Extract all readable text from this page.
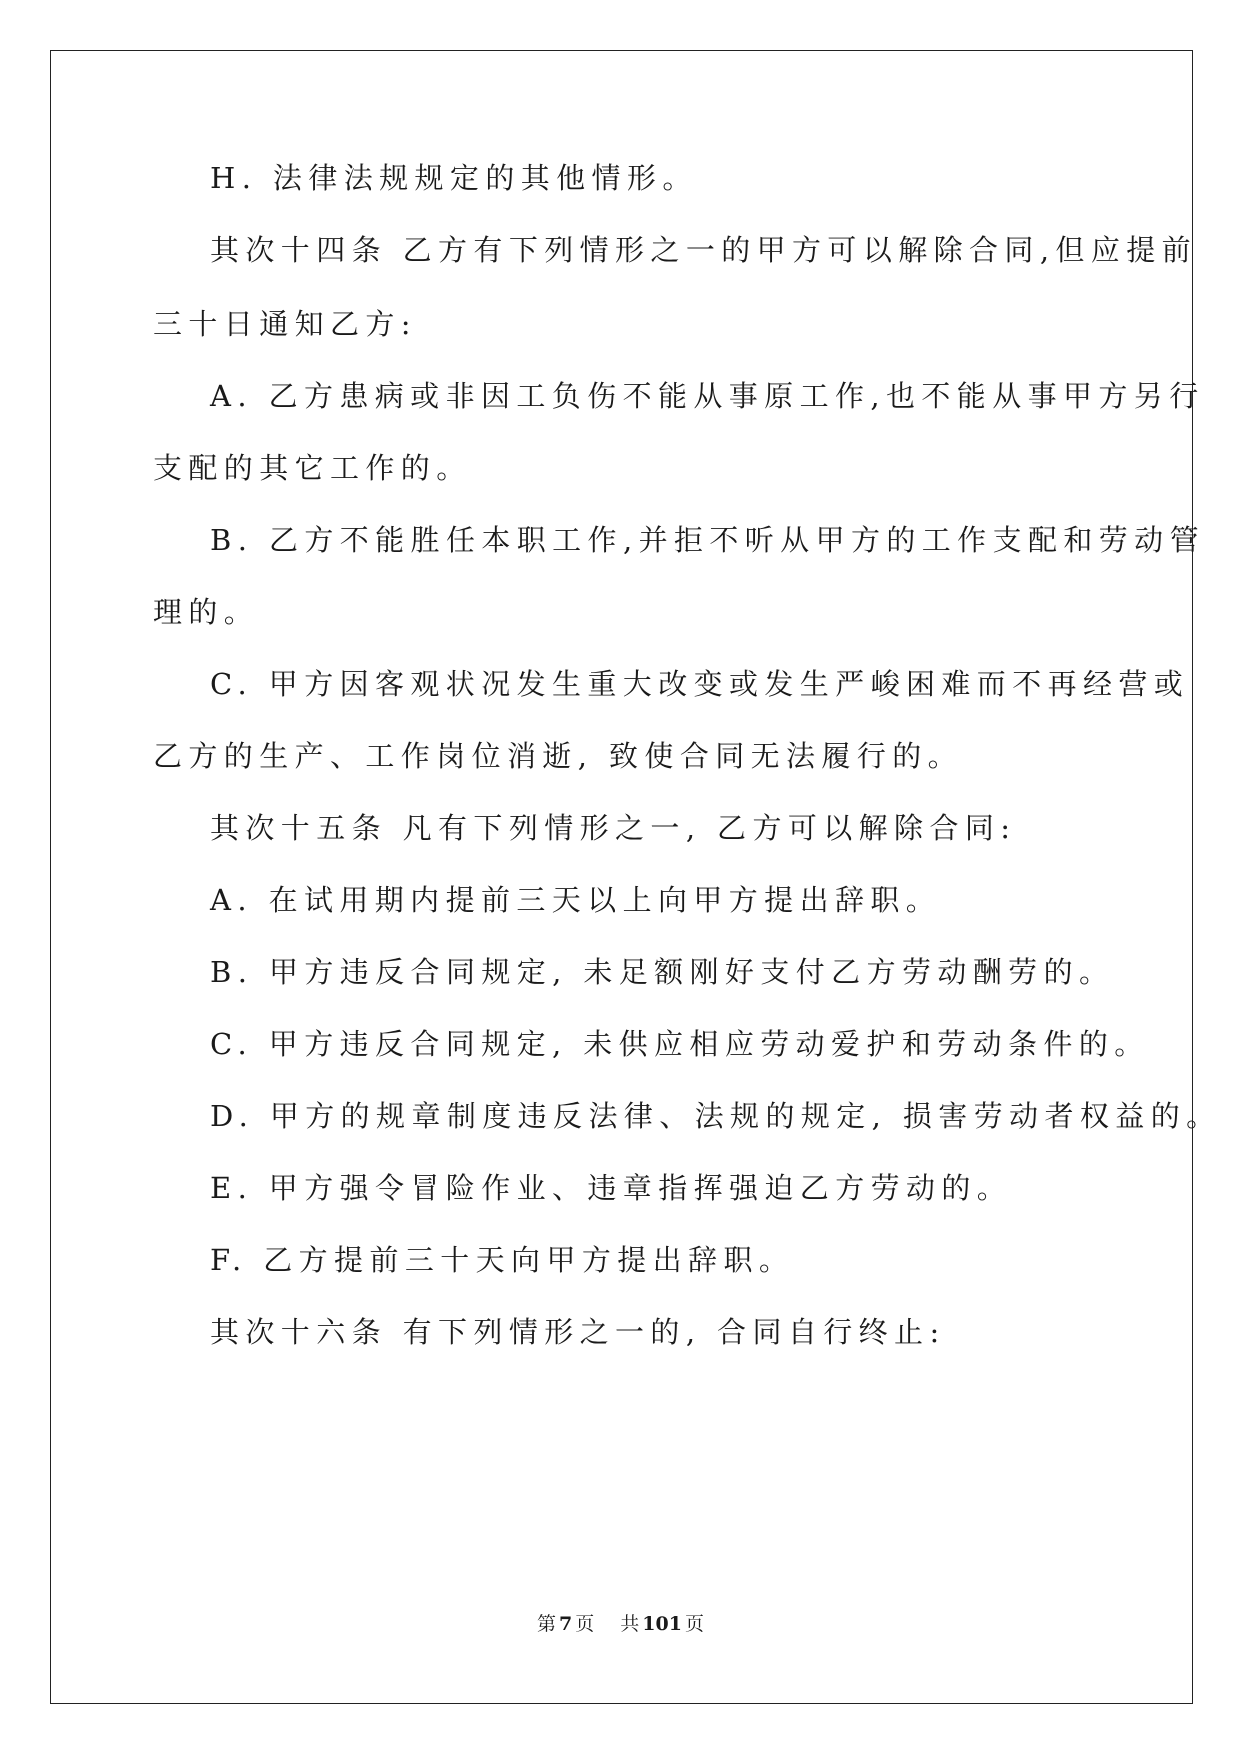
H. 法律法规规定的其他情形。
其次十四条 乙方有下列情形之一的甲方可以解除合同,但应提前
三十日通知乙方:
A. 乙方患病或非因工负伤不能从事原工作,也不能从事甲方另行
支配的其它工作的。
B. 乙方不能胜任本职工作,并拒不听从甲方的工作支配和劳动管
理的。
C. 甲方因客观状况发生重大改变或发生严峻困难而不再经营或
乙方的生产、工作岗位消逝, 致使合同无法履行的。
其次十五条 凡有下列情形之一, 乙方可以解除合同:
A. 在试用期内提前三天以上向甲方提出辞职。
B. 甲方违反合同规定, 未足额刚好支付乙方劳动酬劳的。
C. 甲方违反合同规定, 未供应相应劳动爱护和劳动条件的。
D. 甲方的规章制度违反法律、法规的规定, 损害劳动者权益的。
E. 甲方强令冒险作业、违章指挥强迫乙方劳动的。
F. 乙方提前三十天向甲方提出辞职。
其次十六条 有下列情形之一的, 合同自行终止:
第 7 页 共 101 页
